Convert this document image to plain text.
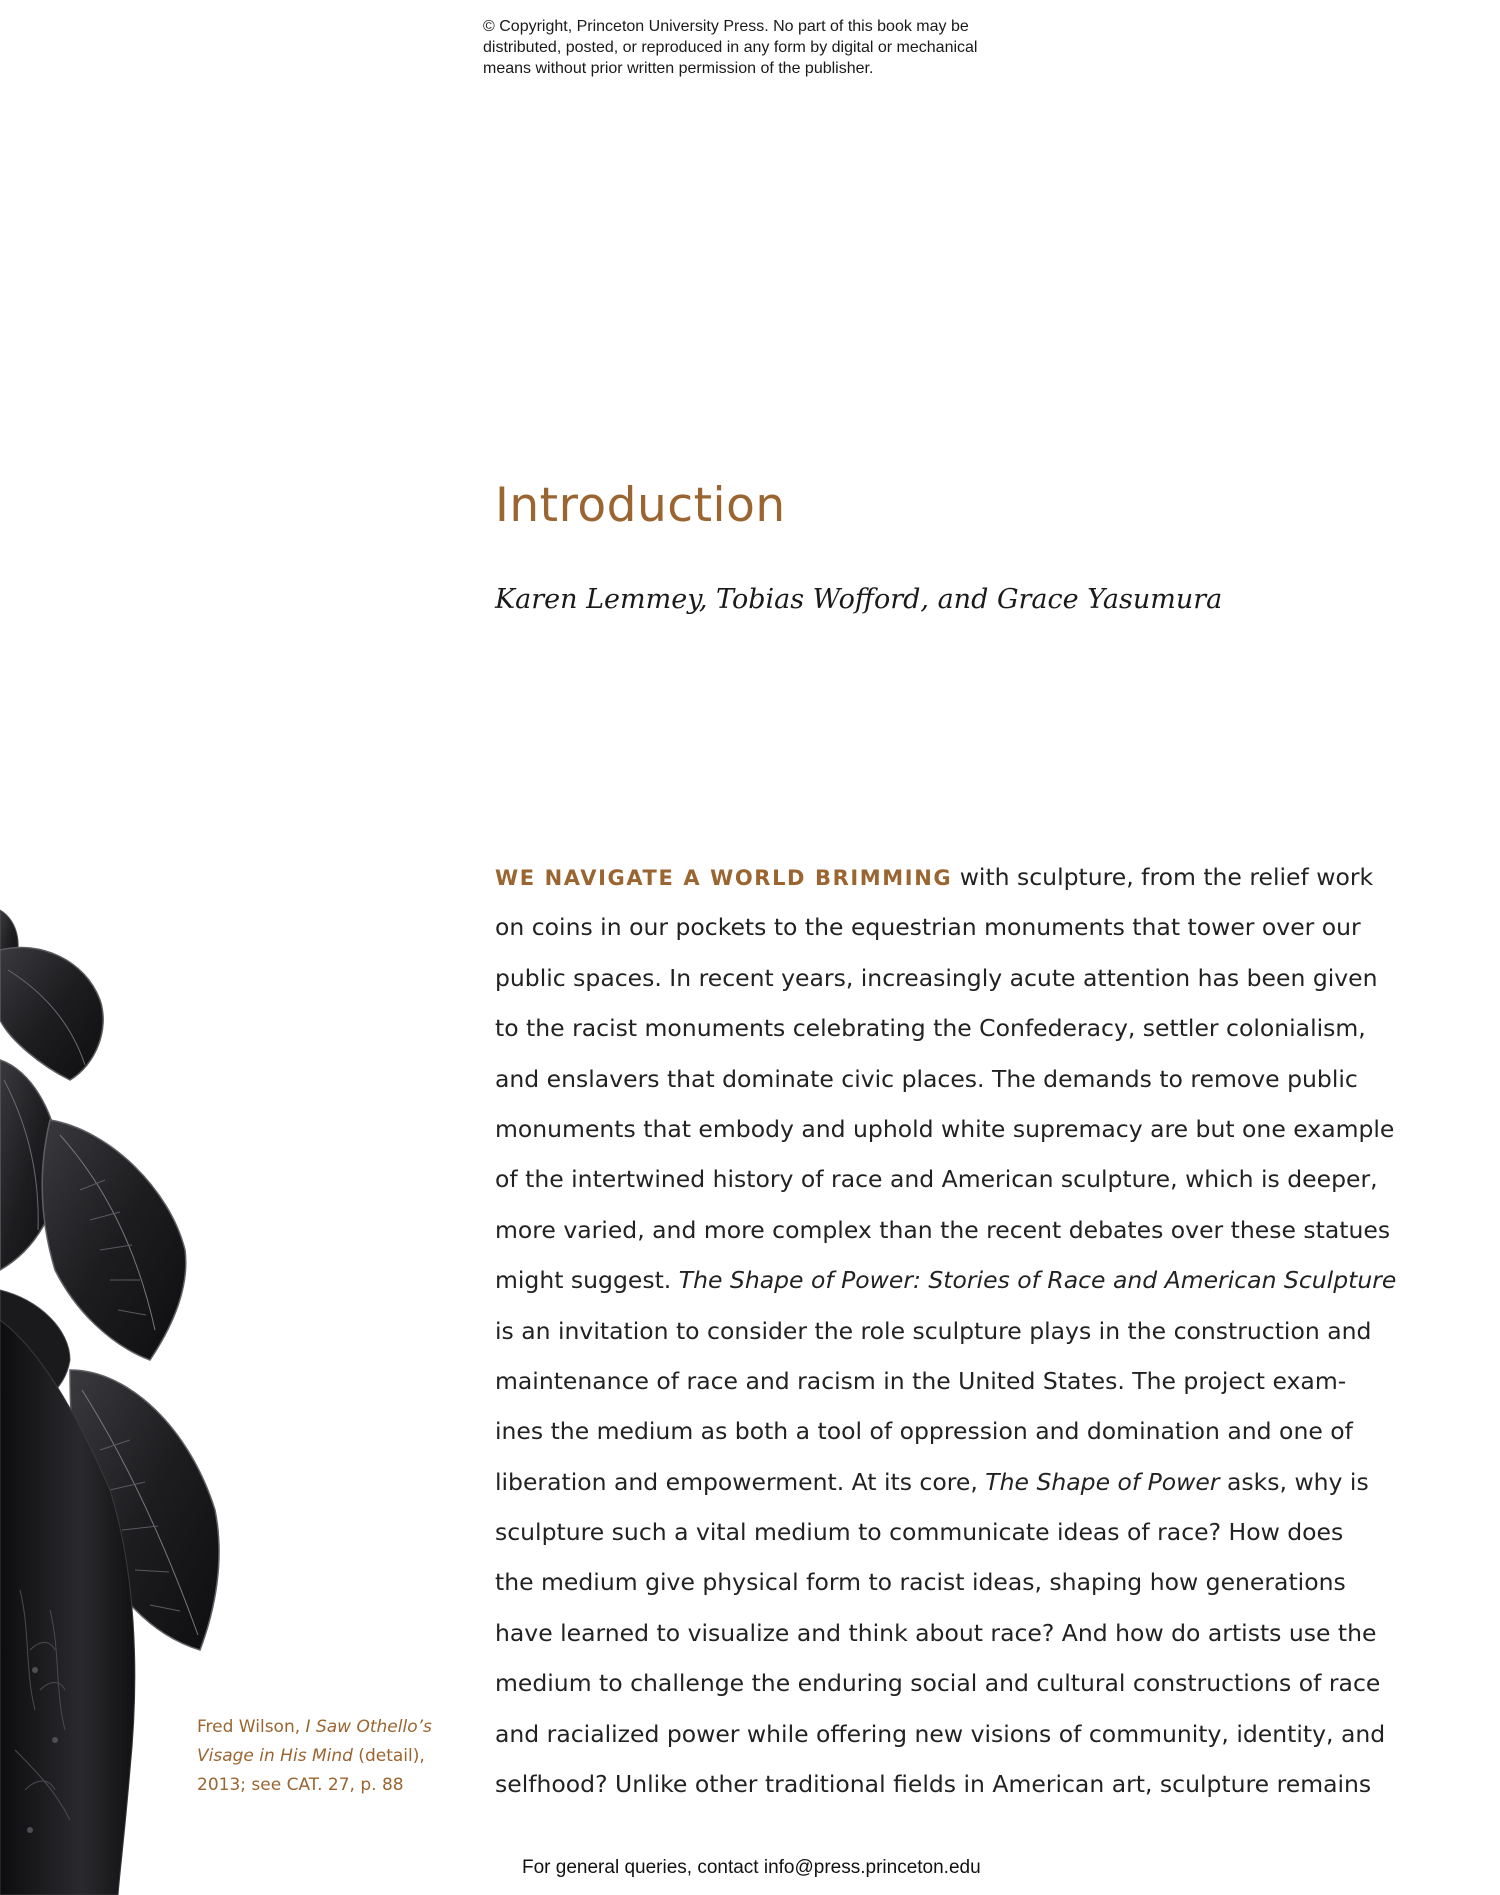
© Copyright, Princeton University Press. No part of this book may be
distributed, posted, or reproduced in any form by digital or mechanical
means without prior written permission of the publisher.
Introduction
Karen Lemmey, Tobias Wofford, and Grace Yasumura
WE NAVIGATE A WORLD BRIMMING with sculpture, from the relief work
on coins in our pockets to the equestrian monuments that tower over our
public spaces. In recent years, increasingly acute attention has been given
to the racist monuments celebrating the Confederacy, settler colonialism,
and enslavers that dominate civic places. The demands to remove public
monuments that embody and uphold white supremacy are but one example
of the intertwined history of race and American sculpture, which is deeper,
more varied, and more complex than the recent debates over these statues
might suggest. The Shape of Power: Stories of Race and American Sculpture
is an invitation to consider the role sculpture plays in the construction and
maintenance of race and racism in the United States. The project exam-
ines the medium as both a tool of oppression and domination and one of
liberation and empowerment. At its core, The Shape of Power asks, why is
sculpture such a vital medium to communicate ideas of race? How does
the medium give physical form to racist ideas, shaping how generations
have learned to visualize and think about race? And how do artists use the
medium to challenge the enduring social and cultural constructions of race
and racialized power while offering new visions of community, identity, and
selfhood? Unlike other traditional fields in American art, sculpture remains
Fred Wilson, I Saw Othello’s
Visage in His Mind (detail),
2013; see CAT. 27, p. 88
For general queries, contact info@press.princeton.edu
